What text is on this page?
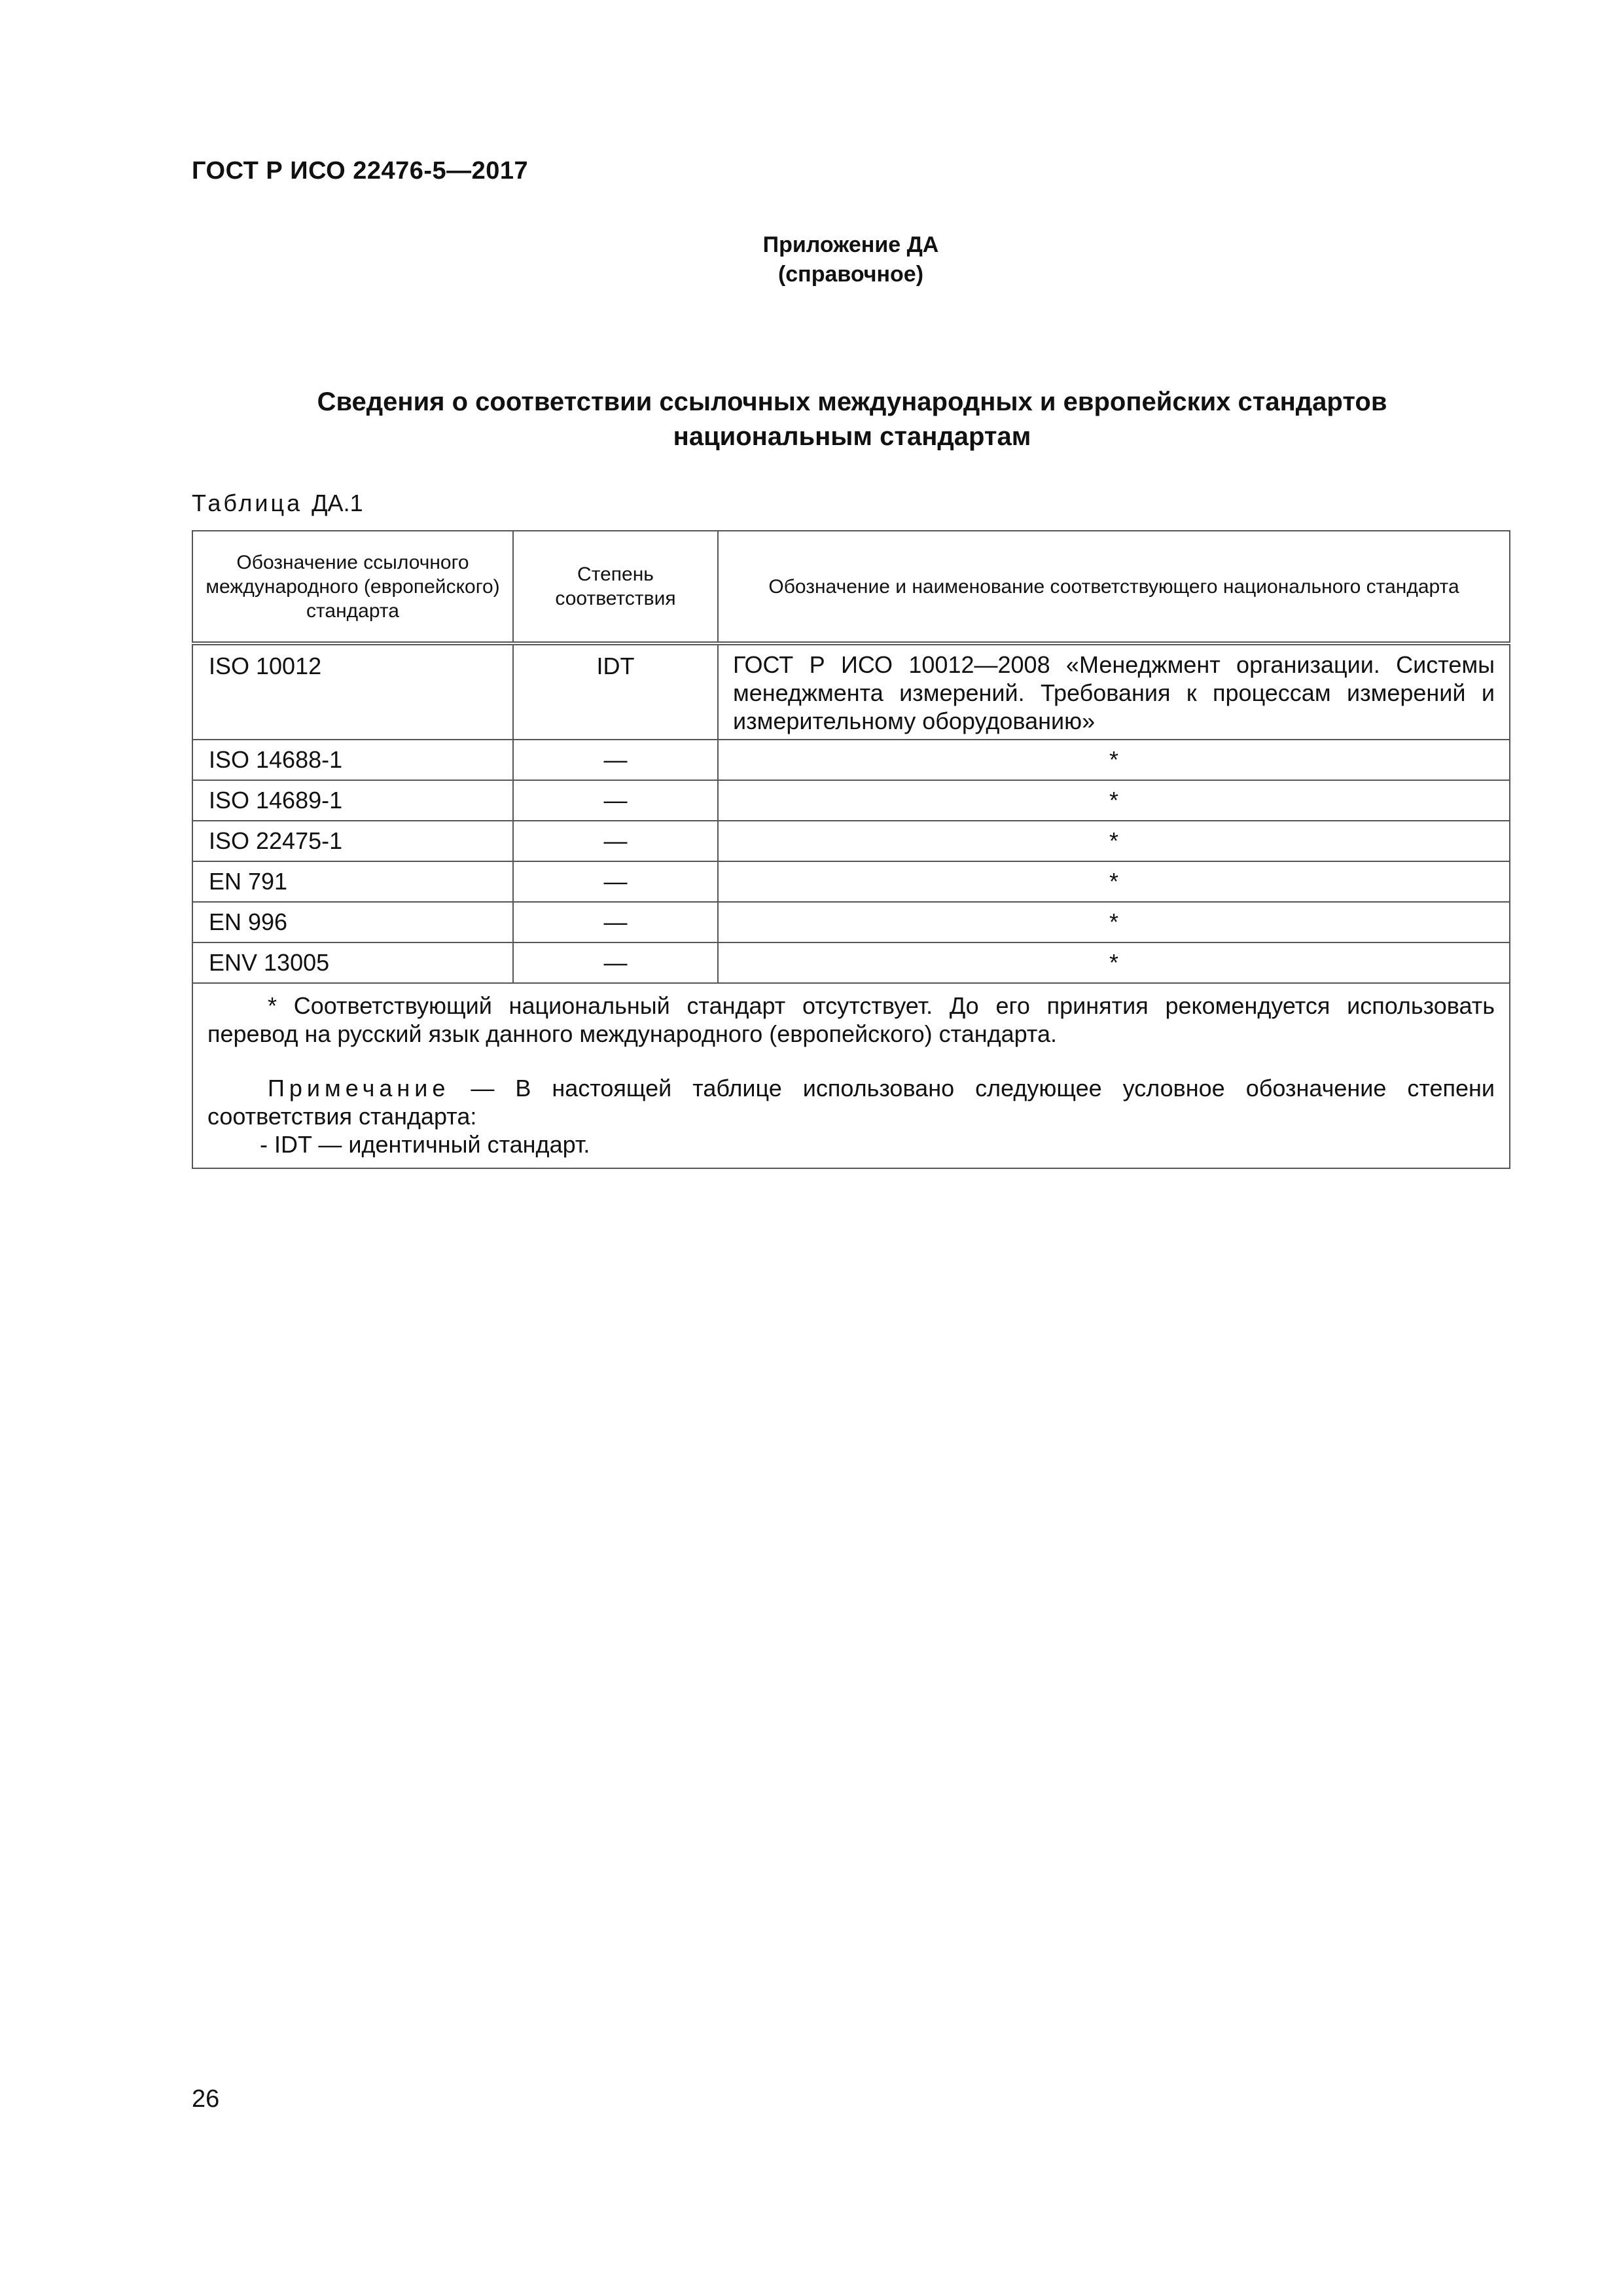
ГОСТ Р ИСО 22476-5—2017
Приложение ДА
(справочное)
Сведения о соответствии ссылочных международных и европейских стандартов
национальным стандартам
Таблица ДА.1
Обозначение ссылочного международного (европейского) стандарта	Степень соответствия	Обозначение и наименование соответствующего национального стандарта
ISO 10012	IDT	ГОСТ Р ИСО 10012—2008 «Менеджмент организации. Системы менеджмента измерений. Требования к процессам измерений и измерительному оборудованию»
ISO 14688-1	—	*
ISO 14689-1	—	*
ISO 22475-1	—	*
EN 791	—	*
EN 996	—	*
ENV 13005	—	*

* Соответствующий национальный стандарт отсутствует. До его принятия рекомендуется использовать перевод на русский язык данного международного (европейского) стандарта.

Примечание — В настоящей таблице использовано следующее условное обозначение степени соответствия стандарта:

- IDT — идентичный стандарт.		

26
